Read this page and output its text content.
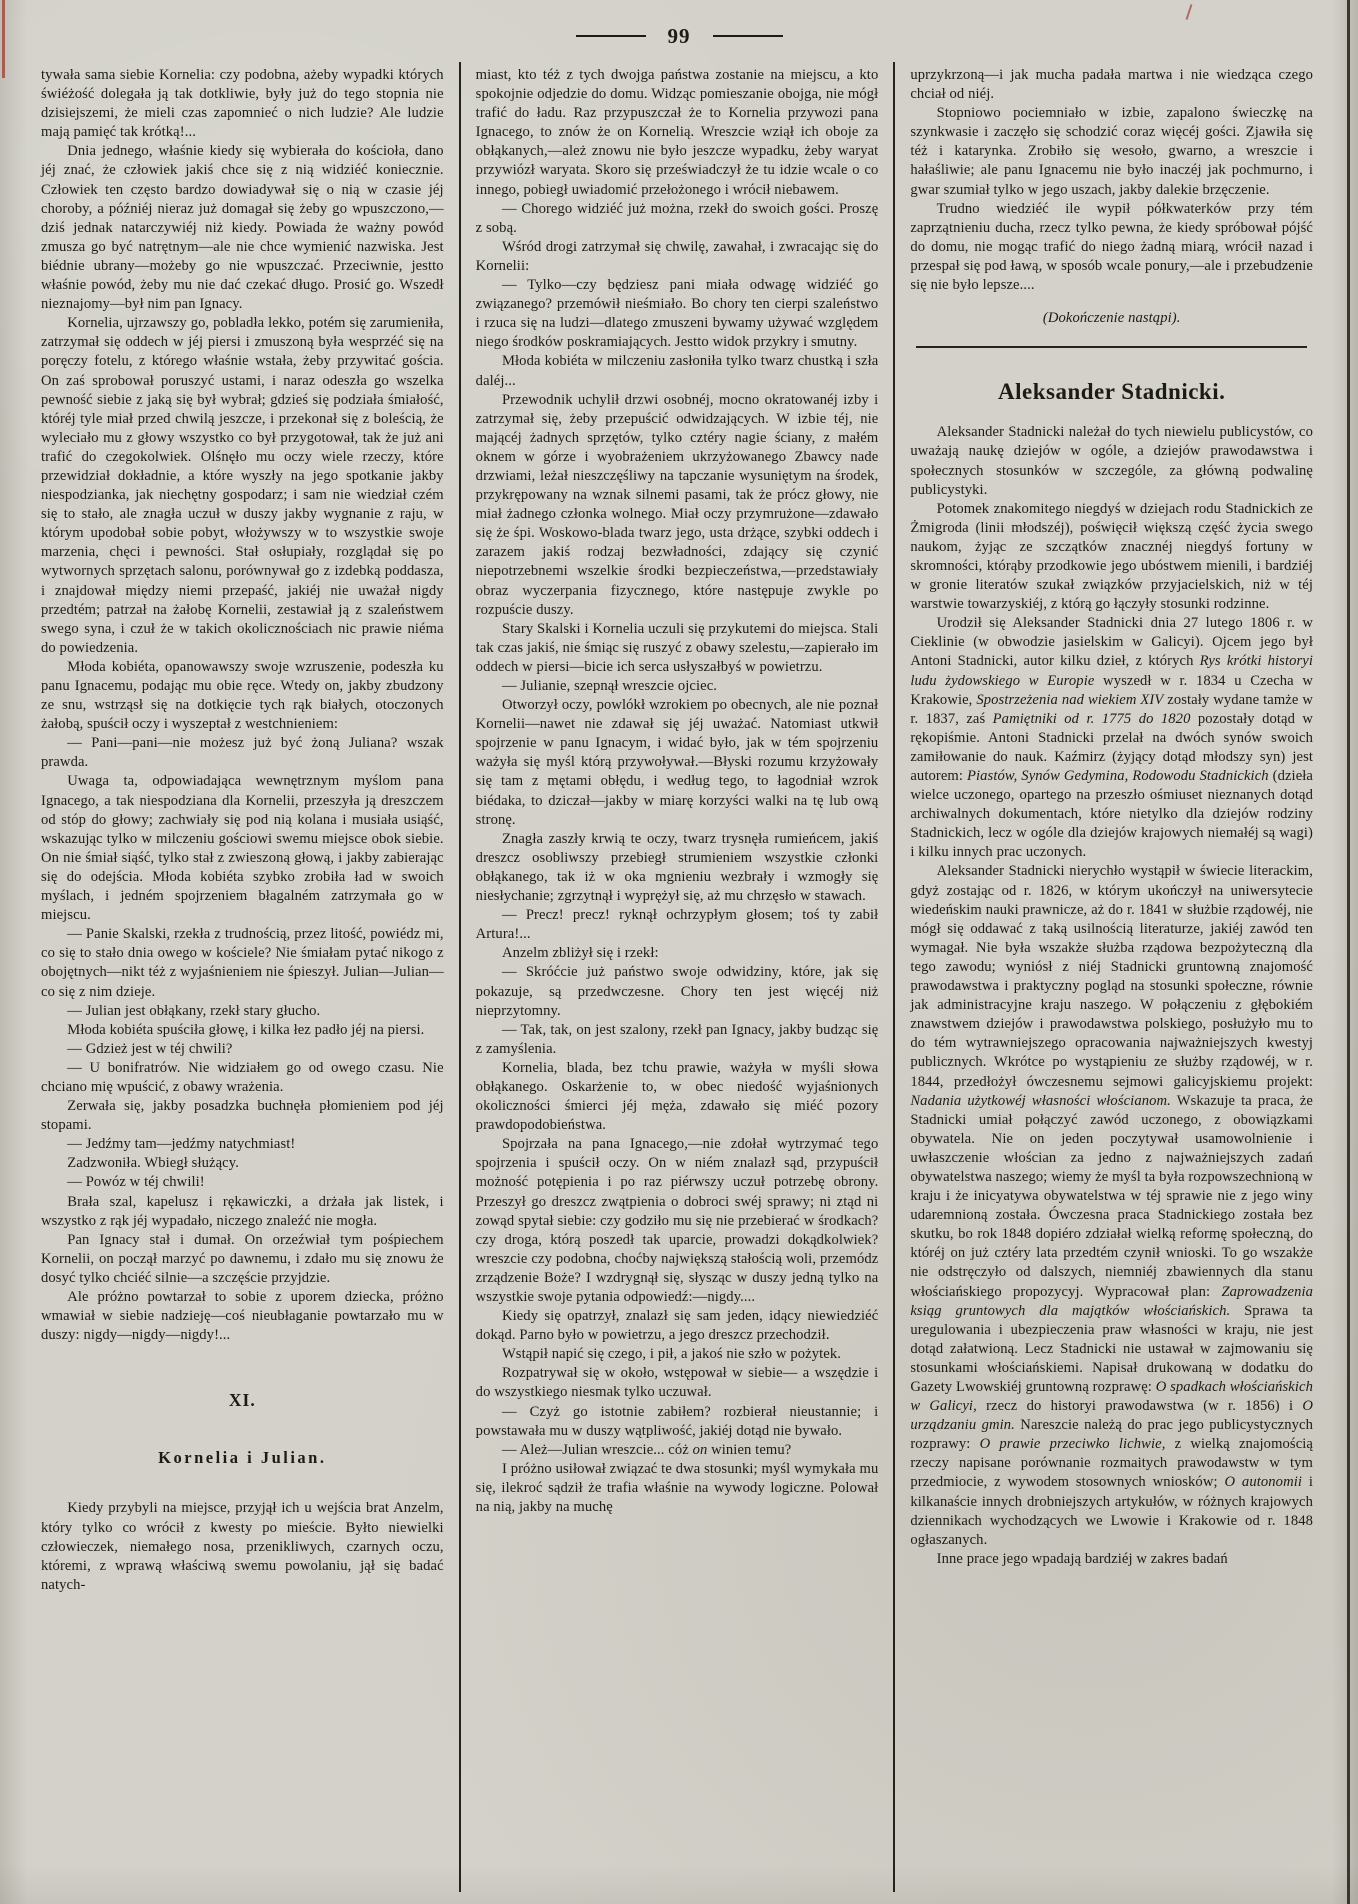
99

tywała sama siebie Kornelia: czy podobna, ażeby wypadki których świéżość dolegała ją tak dotkliwie, były już do tego stopnia nie dzisiejszemi, że mieli czas zapomnieć o nich ludzie? Ale ludzie mają pamięć tak krótką!...

Dnia jednego, właśnie kiedy się wybierała do kościoła, dano jéj znać, że człowiek jakiś chce się z nią widziéć koniecznie. Człowiek ten często bardzo dowiadywał się o nią w czasie jéj choroby, a późniéj nieraz już domagał się żeby go wpuszczono,—dziś jednak natarczywiéj niż kiedy. Powiada że ważny powód zmusza go być natrętnym—ale nie chce wymienić nazwiska. Jest biédnie ubrany—możeby go nie wpuszczać. Przeciwnie, jestto właśnie powód, żeby mu nie dać czekać długo. Prosić go. Wszedł nieznajomy—był nim pan Ignacy.

Kornelia, ujrzawszy go, pobladła lekko, potém się zarumieniła, zatrzymał się oddech w jéj piersi i zmuszoną była wesprzéć się na poręczy fotelu, z którego właśnie wstała, żeby przywitać gościa. On zaś sprobował poruszyć ustami, i naraz odeszła go wszelka pewność siebie z jaką się był wybrał; gdzieś się podziała śmiałość, któréj tyle miał przed chwilą jeszcze, i przekonał się z boleścią, że wyleciało mu z głowy wszystko co był przygotował, tak że już ani trafić do czegokolwiek. Olśnęło mu oczy wiele rzeczy, które przewidział dokładnie, a które wyszły na jego spotkanie jakby niespodzianka, jak niechętny gospodarz; i sam nie wiedział czém się to stało, ale znagła uczuł w duszy jakby wygnanie z raju, w którym upodobał sobie pobyt, włożywszy w to wszystkie swoje marzenia, chęci i pewności. Stał osłupiały, rozglądał się po wytwornych sprzętach salonu, porównywał go z izdebką poddasza, i znajdował między niemi przepaść, jakiéj nie uważał nigdy przedtém; patrzał na żałobę Kornelii, zestawiał ją z szaleństwem swego syna, i czuł że w takich okolicznościach nic prawie niéma do powiedzenia.

Młoda kobiéta, opanowawszy swoje wzruszenie, podeszła ku panu Ignacemu, podając mu obie ręce. Wtedy on, jakby zbudzony ze snu, wstrząsł się na dotkięcie tych rąk białych, otoczonych żałobą, spuścił oczy i wyszeptał z westchnieniem:

— Pani—pani—nie możesz już być żoną Juliana? wszak prawda.

Uwaga ta, odpowiadająca wewnętrznym myślom pana Ignacego, a tak niespodziana dla Kornelii, przeszyła ją dreszczem od stóp do głowy; zachwiały się pod nią kolana i musiała usiąść, wskazując tylko w milczeniu gościowi swemu miejsce obok siebie. On nie śmiał siąść, tylko stał z zwieszoną głową, i jakby zabierając się do odejścia. Młoda kobiéta szybko zrobiła ład w swoich myślach, i jedném spojrzeniem błagalném zatrzymała go w miejscu.

— Panie Skalski, rzekła z trudnością, przez litość, powiédz mi, co się to stało dnia owego w kościele? Nie śmiałam pytać nikogo z obojętnych—nikt téż z wyjaśnieniem nie śpieszył. Julian—Julian—co się z nim dzieje.

— Julian jest obłąkany, rzekł stary głucho.

Młoda kobiéta spuściła głowę, i kilka łez padło jéj na piersi.

— Gdzież jest w téj chwili?

— U bonifratrów. Nie widziałem go od owego czasu. Nie chciano mię wpuścić, z obawy wrażenia.

Zerwała się, jakby posadzka buchnęła płomieniem pod jéj stopami.

— Jedźmy tam—jedźmy natychmiast!

Zadzwoniła. Wbiegł służący.

— Powóz w téj chwili!

Brała szal, kapelusz i rękawiczki, a drżała jak listek, i wszystko z rąk jéj wypadało, niczego znaleźć nie mogła.

Pan Ignacy stał i dumał. On orzeźwiał tym pośpiechem Kornelii, on począł marzyć po dawnemu, i zdało mu się znowu że dosyć tylko chciéć silnie—a szczęście przyjdzie.

Ale próżno powtarzał to sobie z uporem dziecka, próżno wmawiał w siebie nadzieję—coś nieubłaganie powtarzało mu w duszy: nigdy—nigdy—nigdy!...

XI.

Kornelia i Julian.

Kiedy przybyli na miejsce, przyjął ich u wejścia brat Anzelm, który tylko co wrócił z kwesty po mieście. Byłto niewielki człowieczek, niemałego nosa, przenikliwych, czarnych oczu, któremi, z wprawą właściwą swemu powolaniu, jął się badać natych-

miast, kto téż z tych dwojga państwa zostanie na miejscu, a kto spokojnie odjedzie do domu. Widząc pomieszanie obojga, nie mógł trafić do ładu. Raz przypuszczał że to Kornelia przywozi pana Ignacego, to znów że on Kornelią. Wreszcie wziął ich oboje za obłąkanych,—ależ znowu nie było jeszcze wypadku, żeby waryat przywiózł waryata. Skoro się przeświadczył że tu idzie wcale o co innego, pobiegł uwiadomić przełożonego i wrócił niebawem.

— Chorego widziéć już można, rzekł do swoich gości. Proszę z sobą.

Wśród drogi zatrzymał się chwilę, zawahał, i zwracając się do Kornelii:

— Tylko—czy będziesz pani miała odwagę widziéć go związanego? przemówił nieśmiało. Bo chory ten cierpi szaleństwo i rzuca się na ludzi—dlatego zmuszeni bywamy używać względem niego środków poskramiających. Jestto widok przykry i smutny.

Młoda kobiéta w milczeniu zasłoniła tylko twarz chustką i szła daléj...

Przewodnik uchylił drzwi osobnéj, mocno okratowanéj izby i zatrzymał się, żeby przepuścić odwidzających. W izbie téj, nie mającéj żadnych sprzętów, tylko cztéry nagie ściany, z małém oknem w górze i wyobrażeniem ukrzyżowanego Zbawcy nade drzwiami, leżał nieszczęśliwy na tapczanie wysuniętym na środek, przykrępowany na wznak silnemi pasami, tak że prócz głowy, nie miał żadnego członka wolnego. Miał oczy przymrużone—zdawało się że śpi. Woskowo-blada twarz jego, usta drżące, szybki oddech i zarazem jakiś rodzaj bezwładności, zdający się czynić niepotrzebnemi wszelkie środki bezpieczeństwa,—przedstawiały obraz wyczerpania fizycznego, które następuje zwykle po rozpuście duszy.

Stary Skalski i Kornelia uczuli się przykutemi do miejsca. Stali tak czas jakiś, nie śmiąc się ruszyć z obawy szelestu,—zapierało im oddech w piersi—bicie ich serca usłyszałbyś w powietrzu.

— Julianie, szepnął wreszcie ojciec.

Otworzył oczy, powlókł wzrokiem po obecnych, ale nie poznał Kornelii—nawet nie zdawał się jéj uważać. Natomiast utkwił spojrzenie w panu Ignacym, i widać było, jak w tém spojrzeniu ważyła się myśl którą przywoływał.—Błyski rozumu krzyżowały się tam z mętami obłędu, i według tego, to łagodniał wzrok biédaka, to dziczał—jakby w miarę korzyści walki na tę lub ową stronę.

Znagła zaszły krwią te oczy, twarz trysnęła rumieńcem, jakiś dreszcz osobliwszy przebiegł strumieniem wszystkie członki obłąkanego, tak iż w oka mgnieniu wezbrały i wzmogły się niesłychanie; zgrzytnął i wyprężył się, aż mu chrzęsło w stawach.

— Precz! precz! ryknął ochrzypłym głosem; toś ty zabił Artura!...

Anzelm zbliżył się i rzekł:

— Skróćcie już państwo swoje odwidziny, które, jak się pokazuje, są przedwczesne. Chory ten jest więcéj niż nieprzytomny.

— Tak, tak, on jest szalony, rzekł pan Ignacy, jakby budząc się z zamyślenia.

Kornelia, blada, bez tchu prawie, ważyła w myśli słowa obłąkanego. Oskarżenie to, w obec niedość wyjaśnionych okoliczności śmierci jéj męża, zdawało się miéć pozory prawdopodobieństwa.

Spojrzała na pana Ignacego,—nie zdołał wytrzymać tego spojrzenia i spuścił oczy. On w niém znalazł sąd, przypuścił możność potępienia i po raz piérwszy uczuł potrzebę obrony. Przeszył go dreszcz zwątpienia o dobroci swéj sprawy; ni ztąd ni zowąd spytał siebie: czy godziło mu się nie przebierać w środkach? czy droga, którą poszedł tak uparcie, prowadzi dokądkolwiek? wreszcie czy podobna, choćby największą stałością woli, przemódz zrządzenie Boże? I wzdrygnął się, słysząc w duszy jedną tylko na wszystkie swoje pytania odpowiedź:—nigdy....

Kiedy się opatrzył, znalazł się sam jeden, idący niewiedziéć dokąd. Parno było w powietrzu, a jego dreszcz przechodził.

Wstąpił napić się czego, i pił, a jakoś nie szło w pożytek.

Rozpatrywał się w około, wstępował w siebie— a wszędzie i do wszystkiego niesmak tylko uczuwał.

— Czyż go istotnie zabiłem? rozbierał nieustannie; i powstawała mu w duszy wątpliwość, jakiéj dotąd nie bywało.

— Ależ—Julian wreszcie... cóż on winien temu?

I próżno usiłował związać te dwa stosunki; myśl wymykała mu się, ilekroć sądził że trafia właśnie na wywody logiczne. Polował na nią, jakby na muchę

uprzykrzoną—i jak mucha padała martwa i nie wiedząca czego chciał od niéj.

Stopniowo pociemniało w izbie, zapalono świeczkę na szynkwasie i zaczęło się schodzić coraz więcéj gości. Zjawiła się téż i katarynka. Zrobiło się wesoło, gwarno, a wreszcie i hałaśliwie; ale panu Ignacemu nie było inaczéj jak pochmurno, i gwar szumiał tylko w jego uszach, jakby dalekie brzęczenie.

Trudno wiedziéć ile wypił półkwaterków przy tém zaprzątnieniu ducha, rzecz tylko pewna, że kiedy spróbował pójść do domu, nie mogąc trafić do niego żadną miarą, wrócił nazad i przespał się pod ławą, w sposób wcale ponury,—ale i przebudzenie się nie było lepsze....

(Dokończenie nastąpi).

Aleksander Stadnicki.

Aleksander Stadnicki należał do tych niewielu publicystów, co uważają naukę dziejów w ogóle, a dziejów prawodawstwa i społecznych stosunków w szczególe, za główną podwalinę publicystyki.

Potomek znakomitego niegdyś w dziejach rodu Stadnickich ze Żmigroda (linii młodszéj), poświęcił większą część życia swego naukom, żyjąc ze szczątków znacznéj niegdyś fortuny w skromności, którąby przodkowie jego ubóstwem mienili, i bardziéj w gronie literatów szukał związków przyjacielskich, niż w téj warstwie towarzyskiéj, z którą go łączyły stosunki rodzinne.

Urodził się Aleksander Stadnicki dnia 27 lutego 1806 r. w Cieklinie (w obwodzie jasielskim w Galicyi). Ojcem jego był Antoni Stadnicki, autor kilku dzieł, z których Rys krótki historyi ludu żydowskiego w Europie wyszedł w r. 1834 u Czecha w Krakowie, Spostrzeżenia nad wiekiem XIV zostały wydane tamże w r. 1837, zaś Pamiętniki od r. 1775 do 1820 pozostały dotąd w rękopiśmie. Antoni Stadnicki przelał na dwóch synów swoich zamiłowanie do nauk. Kaźmirz (żyjący dotąd młodszy syn) jest autorem: Piastów, Synów Gedymina, Rodowodu Stadnickich (dzieła wielce uczonego, opartego na przeszło ośmiuset nieznanych dotąd archiwalnych dokumentach, które nietylko dla dziejów rodziny Stadnickich, lecz w ogóle dla dziejów krajowych niemałéj są wagi) i kilku innych prac uczonych.

Aleksander Stadnicki nierychło wystąpił w świecie literackim, gdyż zostając od r. 1826, w którym ukończył na uniwersytecie wiedeńskim nauki prawnicze, aż do r. 1841 w służbie rządowéj, nie mógł się oddawać z taką usilnością literaturze, jakiéj zawód ten wymagał. Nie była wszakże służba rządowa bezpożyteczną dla tego zawodu; wyniósł z niéj Stadnicki gruntowną znajomość prawodawstwa i praktyczny pogląd na stosunki społeczne, równie jak administracyjne kraju naszego. W połączeniu z głębokiém znawstwem dziejów i prawodawstwa polskiego, posłużyło mu to do tém wytrawniejszego opracowania najważniejszych kwestyj publicznych. Wkrótce po wystąpieniu ze służby rządowéj, w r. 1844, przedłożył ówczesnemu sejmowi galicyjskiemu projekt: Nadania użytkowéj własności włościanom. Wskazuje ta praca, że Stadnicki umiał połączyć zawód uczonego, z obowiązkami obywatela. Nie on jeden poczytywał usamowolnienie i uwłaszczenie włościan za jedno z najważniejszych zadań obywatelstwa naszego; wiemy że myśl ta była rozpowszechnioną w kraju i że inicyatywa obywatelstwa w téj sprawie nie z jego winy udaremnioną została. Ówczesna praca Stadnickiego została bez skutku, bo rok 1848 dopiéro zdziałał wielką reformę społeczną, do któréj on już cztéry lata przedtém czynił wnioski. To go wszakże nie odstręczyło od dalszych, niemniéj zbawiennych dla stanu włościańskiego propozycyj. Wypracował plan: Zaprowadzenia ksiąg gruntowych dla majątków włościańskich. Sprawa ta uregulowania i ubezpieczenia praw własności w kraju, nie jest dotąd załatwioną. Lecz Stadnicki nie ustawał w zajmowaniu się stosunkami włościańskiemi. Napisał drukowaną w dodatku do Gazety Lwowskiéj gruntowną rozprawę: O spadkach włościańskich w Galicyi, rzecz do historyi prawodawstwa (w r. 1856) i O urządzaniu gmin. Nareszcie należą do prac jego publicystycznych rozprawy: O prawie przeciwko lichwie, z wielką znajomością rzeczy napisane porównanie rozmaitych prawodawstw w tym przedmiocie, z wywodem stosownych wniosków; O autonomii i kilkanaście innych drobniejszych artykułów, w różnych krajowych dziennikach wychodzących we Lwowie i Krakowie od r. 1848 ogłaszanych.

Inne prace jego wpadają bardziéj w zakres badań
